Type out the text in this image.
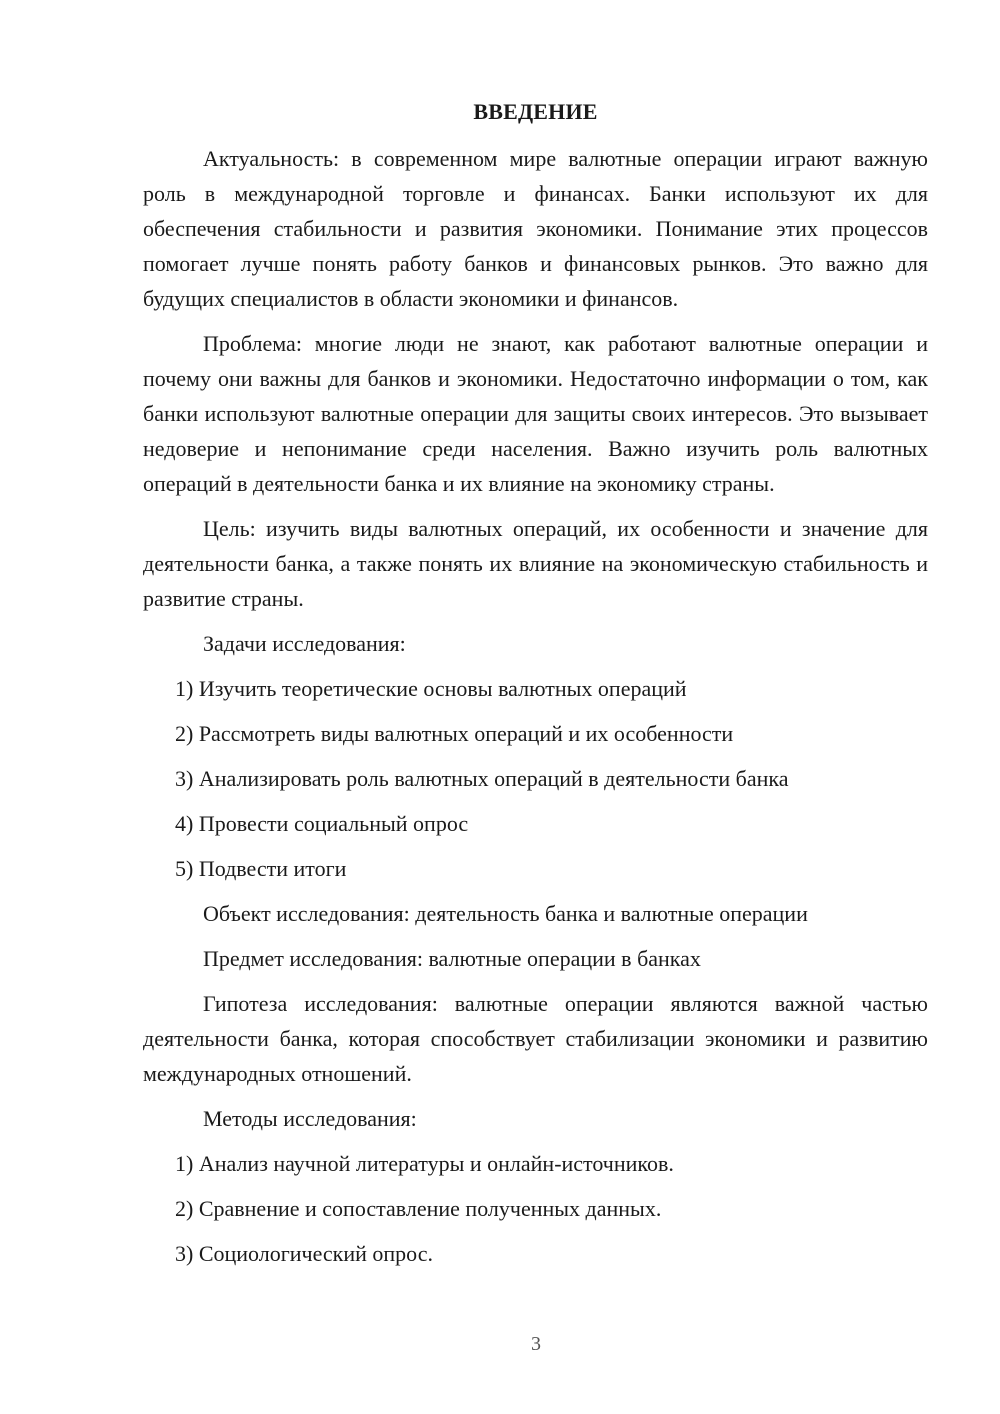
ВВЕДЕНИЕ

Актуальность: в современном мире валютные операции играют важную роль в международной торговле и финансах. Банки используют их для обеспечения стабильности и развития экономики. Понимание этих процессов помогает лучше понять работу банков и финансовых рынков. Это важно для будущих специалистов в области экономики и финансов.

Проблема: многие люди не знают, как работают валютные операции и почему они важны для банков и экономики. Недостаточно информации о том, как банки используют валютные операции для защиты своих интересов. Это вызывает недоверие и непонимание среди населения. Важно изучить роль валютных операций в деятельности банка и их влияние на экономику страны.

Цель: изучить виды валютных операций, их особенности и значение для деятельности банка, а также понять их влияние на экономическую стабильность и развитие страны.

Задачи исследования:
1) Изучить теоретические основы валютных операций
2) Рассмотреть виды валютных операций и их особенности
3) Анализировать роль валютных операций в деятельности банка
4) Провести социальный опрос
5) Подвести итоги
Объект исследования: деятельность банка и валютные операции
Предмет исследования: валютные операции в банках

Гипотеза исследования: валютные операции являются важной частью деятельности банка, которая способствует стабилизации экономики и развитию международных отношений.

Методы исследования:
1) Анализ научной литературы и онлайн-источников.
2) Сравнение и сопоставление полученных данных.
3) Социологический опрос.
3
